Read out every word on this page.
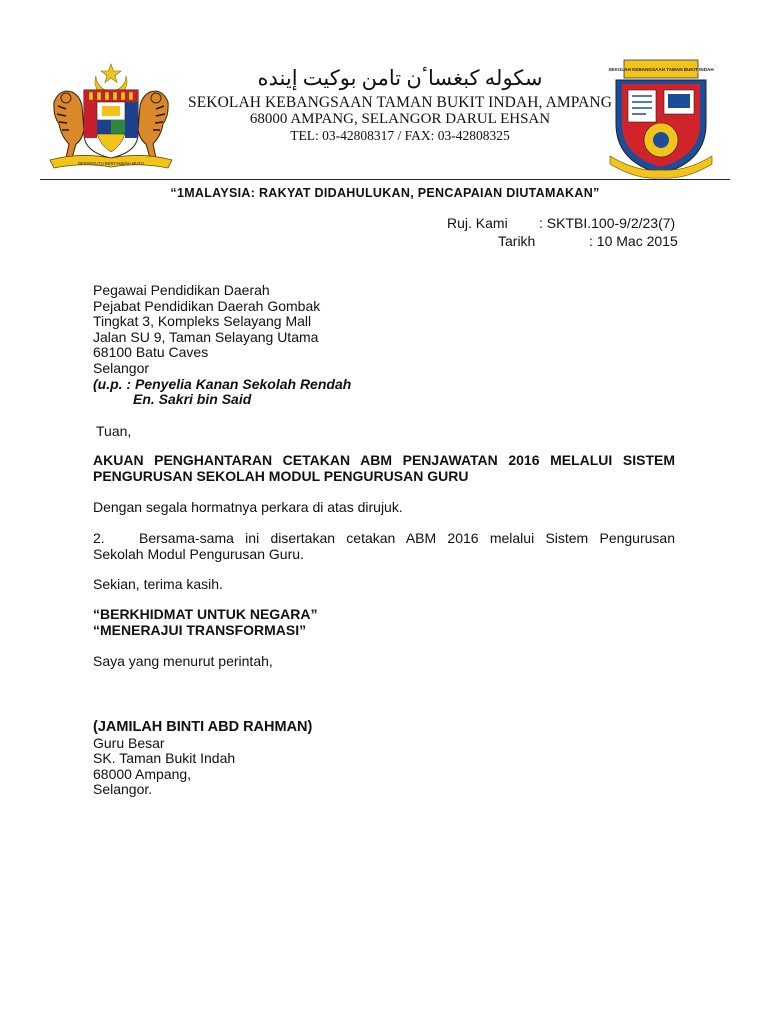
BERSEKUTU BERTAMBAH MUTU
SEKOLAH KEBANGSAAN TAMAN BUKIT INDAH
سكوله كبغساٴن تامن بوكيت إينده
SEKOLAH KEBANGSAAN TAMAN BUKIT INDAH, AMPANG
68000 AMPANG, SELANGOR DARUL EHSAN
TEL: 03-42808317 / FAX: 03-42808325
“1MALAYSIA: RAKYAT DIDAHULUKAN, PENCAPAIAN DIUTAMAKAN”
Ruj. Kami : SKTBI.100-9/2/23(7)
Tarikh	: 10 Mac 2015
Pegawai Pendidikan Daerah
Pejabat Pendidikan Daerah Gombak
Tingkat 3, Kompleks Selayang Mall
Jalan SU 9, Taman Selayang Utama
68100 Batu Caves
Selangor
(u.p. : Penyelia Kanan Sekolah Rendah
En. Sakri bin Said
Tuan,
AKUAN PENGHANTARAN CETAKAN ABM PENJAWATAN 2016 MELALUI SISTEM
PENGURUSAN SEKOLAH MODUL PENGURUSAN GURU
Dengan segala hormatnya perkara di atas dirujuk.
2. Bersama-sama ini disertakan cetakan ABM 2016 melalui Sistem Pengurusan
Sekolah Modul Pengurusan Guru.
Sekian, terima kasih.
“BERKHIDMAT UNTUK NEGARA”
“MENERAJUI TRANSFORMASI”
Saya yang menurut perintah,
(JAMILAH BINTI ABD RAHMAN)
Guru Besar
SK. Taman Bukit Indah
68000 Ampang,
Selangor.
